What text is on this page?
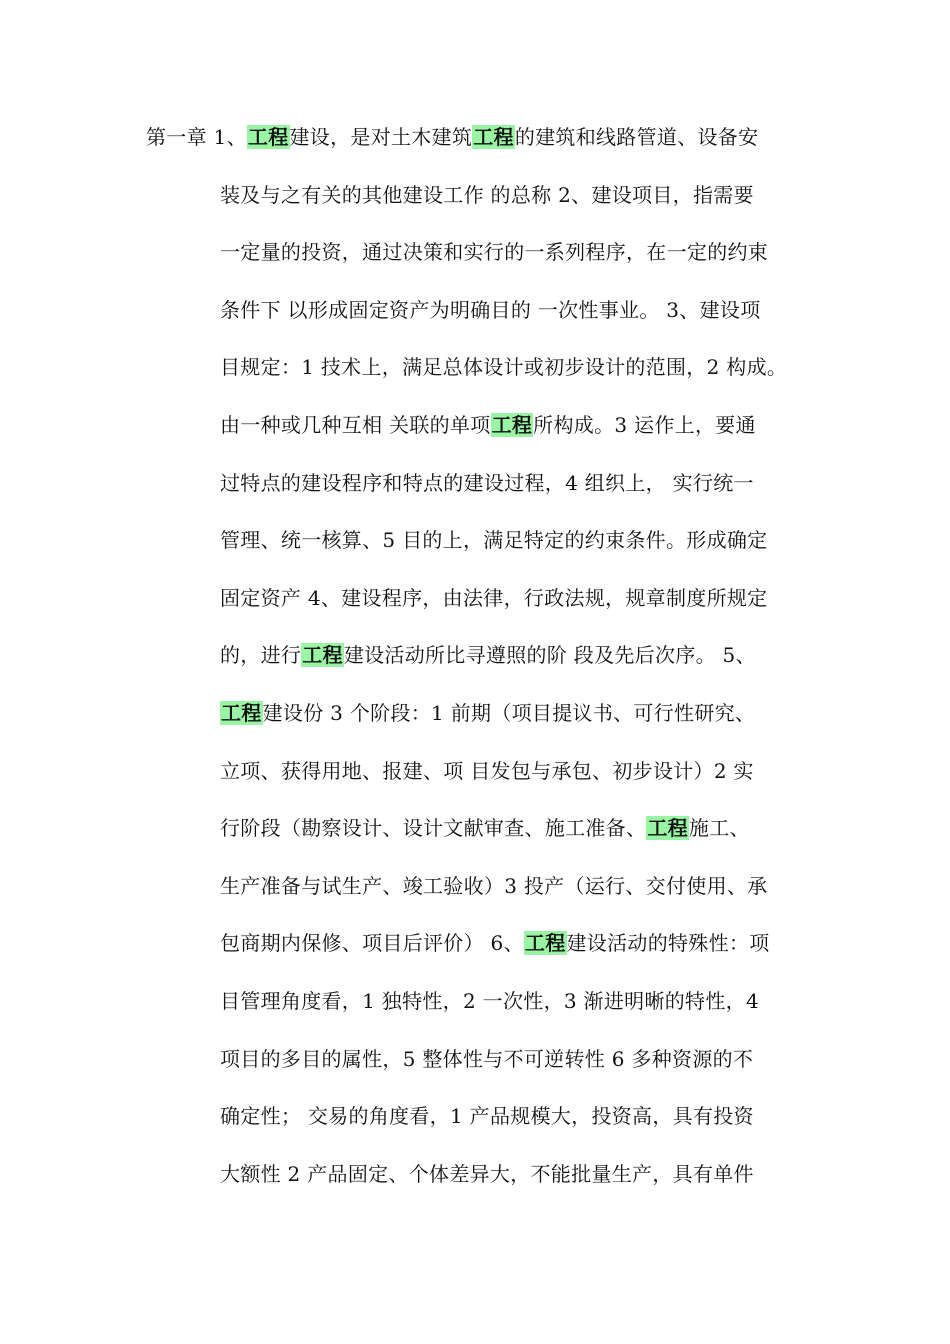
第一章 1、工程建设，是对土木建筑工程的建筑和线路管道、设备安
装及与之有关的其他建设工作 的总称 2、建设项目，指需要
一定量的投资，通过决策和实行的一系列程序，在一定的约束
条件下 以形成固定资产为明确目的 一次性事业。 3、建设项
目规定：1 技术上，满足总体设计或初步设计的范围，2 构成。
由一种或几种互相 关联的单项工程所构成。3 运作上，要通
过特点的建设程序和特点的建设过程，4 组织上， 实行统一
管理、统一核算、5 目的上，满足特定的约束条件。形成确定
固定资产 4、建设程序，由法律，行政法规，规章制度所规定
的，进行工程建设活动所比寻遵照的阶 段及先后次序。 5、
工程建设份 3 个阶段：1 前期（项目提议书、可行性研究、
立项、获得用地、报建、项 目发包与承包、初步设计）2 实
行阶段（勘察设计、设计文献审查、施工准备、工程施工、
生产准备与试生产、竣工验收）3 投产（运行、交付使用、承
包商期内保修、项目后评价） 6、工程建设活动的特殊性：项
目管理角度看，1 独特性，2 一次性，3 渐进明晰的特性，4
项目的多目的属性，5 整体性与不可逆转性 6 多种资源的不
确定性； 交易的角度看，1 产品规模大，投资高，具有投资
大额性 2 产品固定、个体差异大，不能批量生产，具有单件
